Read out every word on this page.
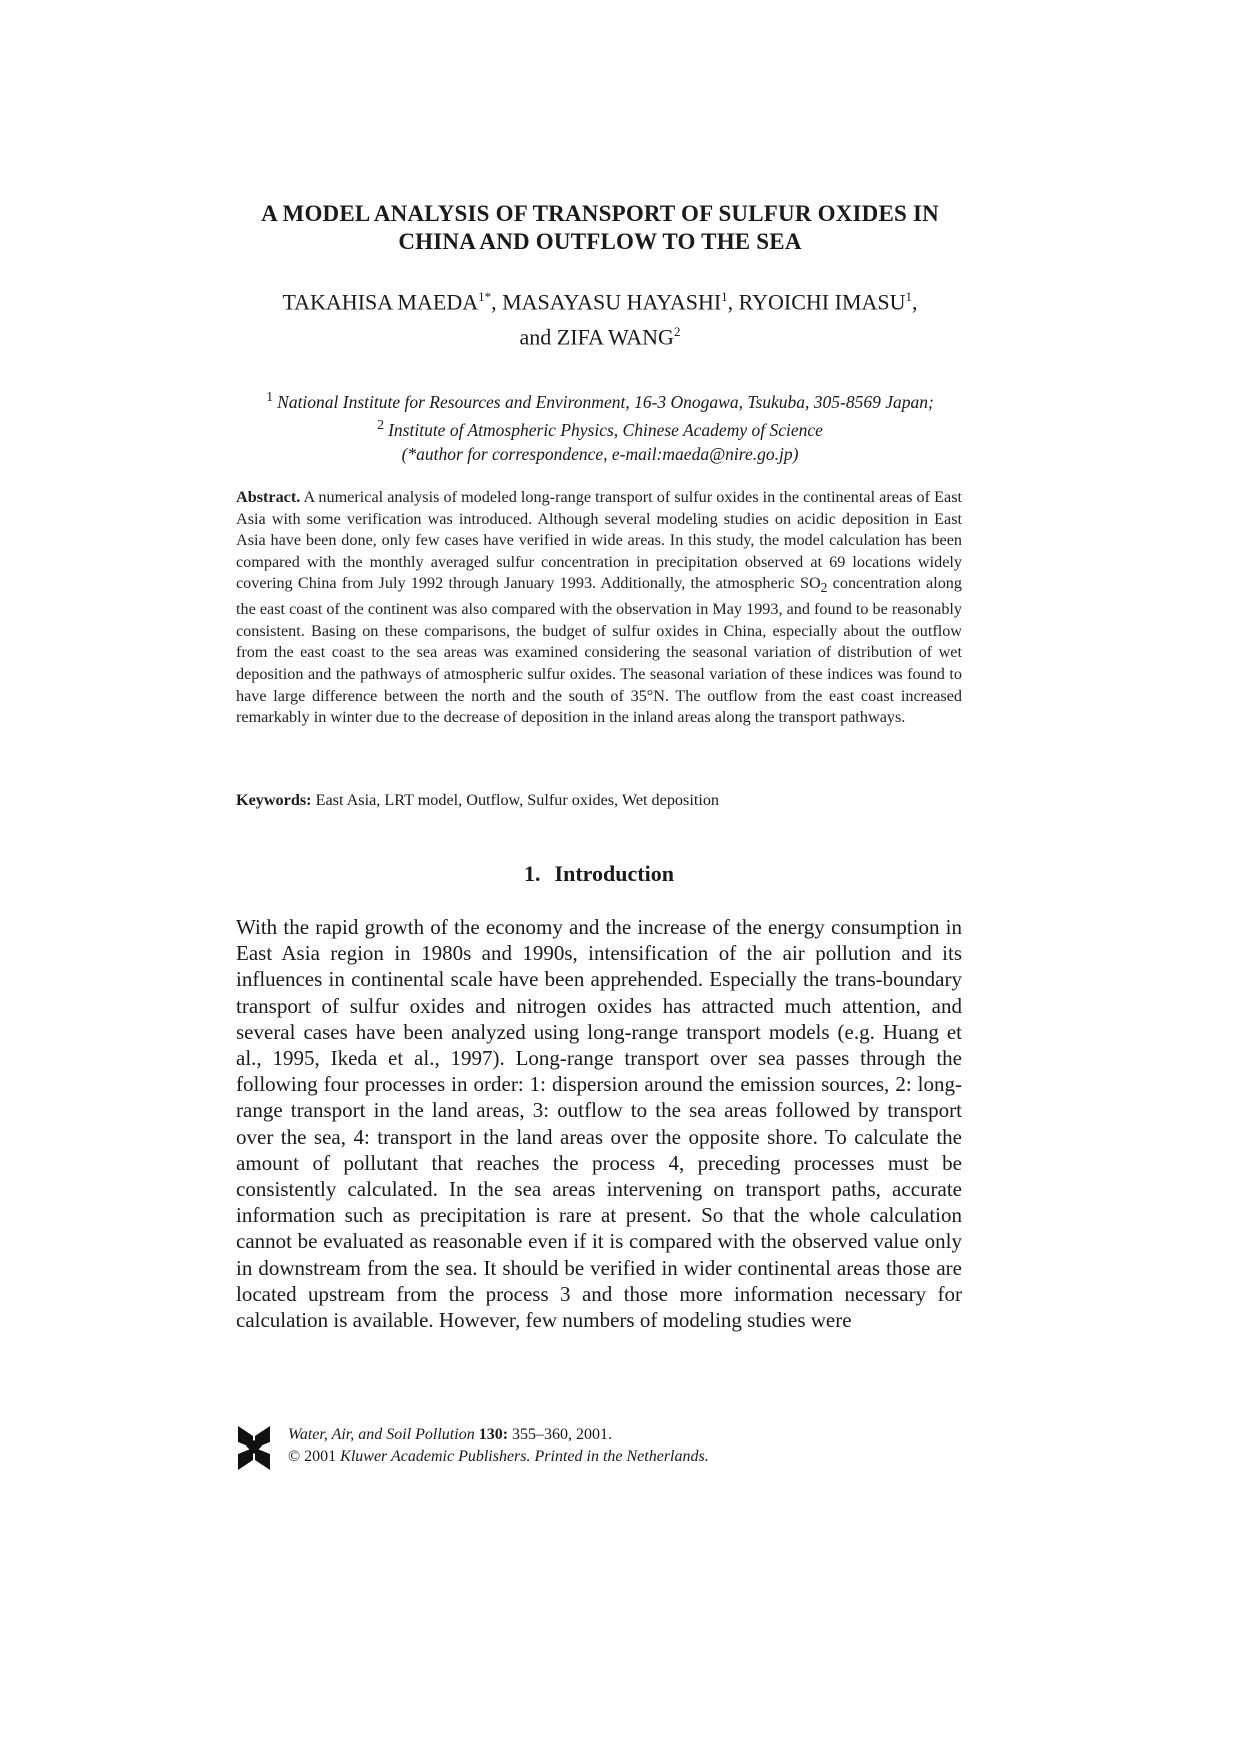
A MODEL ANALYSIS OF TRANSPORT OF SULFUR OXIDES IN
CHINA AND OUTFLOW TO THE SEA
TAKAHISA $MAEDA^{1*}$, MASAYASU HAYASHI$^1$, RYOICHI IMASU$^1$,
and ZIFA WANG$^2$
$^1$ National Institute for Resources and Environment, 16-3 Onogawa, Tsukuba, 305-8569 Japan;
$^2$ Institute of Atmospheric Physics, Chinese Academy of Science
(*author for correspondence, e-mail:maeda@nire.go.jp)
Abstract. A numerical analysis of modeled long-range transport of sulfur oxides in the continental areas of East Asia with some verification was introduced. Although several modeling studies on acidic deposition in East Asia have been done, only few cases have verified in wide areas. In this study, the model calculation has been compared with the monthly averaged sulfur concentration in precipitation observed at 69 locations widely covering China from July 1992 through January 1993. Additionally, the atmospheric $SO_2$ concentration along the east coast of the continent was also compared with the observation in May 1993, and found to be reasonably consistent. Basing on these comparisons, the budget of sulfur oxides in China, especially about the outflow from the east coast to the sea areas was examined considering the seasonal variation of distribution of wet deposition and the pathways of atmospheric sulfur oxides. The seasonal variation of these indices was found to have large difference between the north and the south of 35°N. The outflow from the east coast increased remarkably in winter due to the decrease of deposition in the inland areas along the transport pathways.
Keywords: East Asia, LRT model, Outflow, Sulfur oxides, Wet deposition
1. Introduction
With the rapid growth of the economy and the increase of the energy consumption in East Asia region in 1980s and 1990s, intensification of the air pollution and its influences in continental scale have been apprehended. Especially the trans-boundary transport of sulfur oxides and nitrogen oxides has attracted much attention, and several cases have been analyzed using long-range transport models (e.g. Huang et al., 1995, Ikeda et al., 1997). Long-range transport over sea passes through the following four processes in order: 1: dispersion around the emission sources, 2: long-range transport in the land areas, 3: outflow to the sea areas followed by transport over the sea, 4: transport in the land areas over the opposite shore. To calculate the amount of pollutant that reaches the process 4, preceding processes must be consistently calculated. In the sea areas intervening on transport paths, accurate information such as precipitation is rare at present. So that the whole calculation cannot be evaluated as reasonable even if it is compared with the observed value only in downstream from the sea. It should be verified in wider continental areas those are located upstream from the process 3 and those more information necessary for calculation is available. However, few numbers of modeling studies were
Water, Air, and Soil Pollution 130: 355–360, 2001.
© 2001 Kluwer Academic Publishers. Printed in the Netherlands.
